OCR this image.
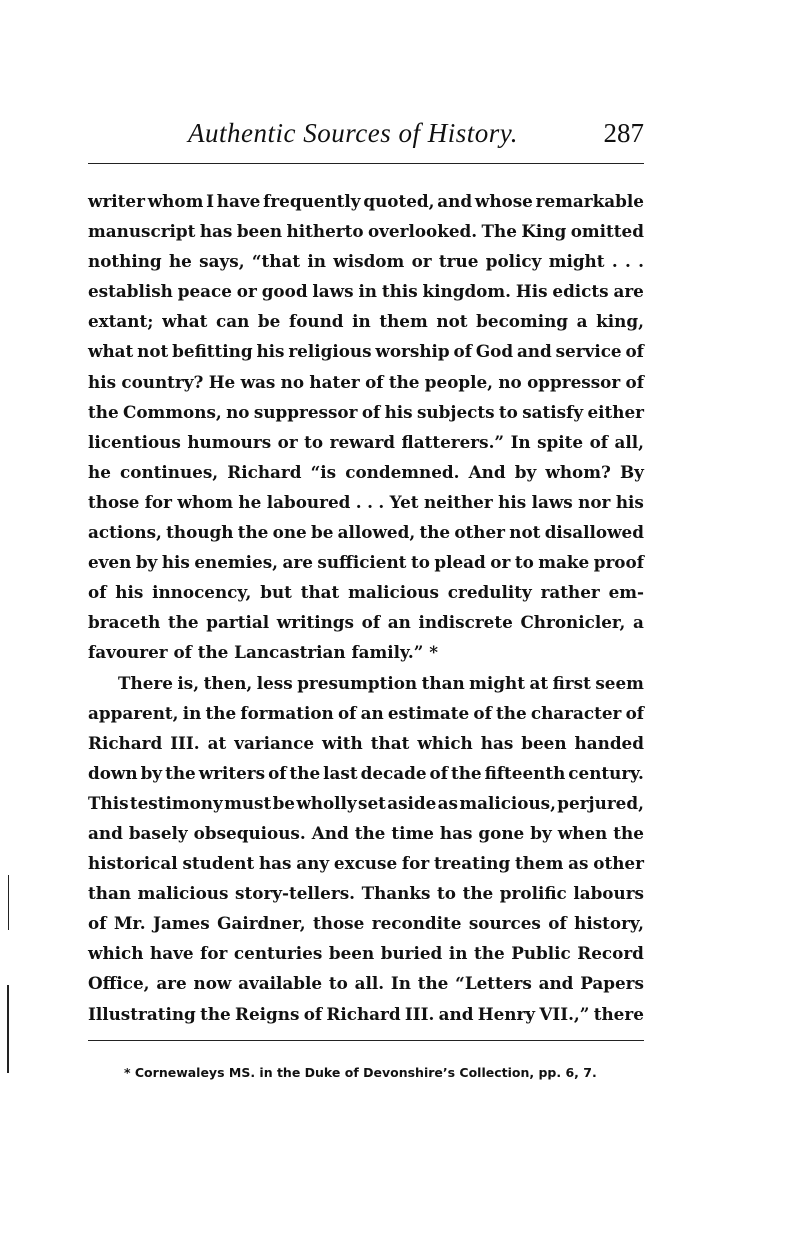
Authentic Sources of History.	287
writer whom I have frequently quoted, and whose remarkable
manuscript has been hitherto overlooked. The King omitted
nothing he says, “that in wisdom or true policy might . . .
establish peace or good laws in this kingdom. His edicts are
extant; what can be found in them not becoming a king,
what not befitting his religious worship of God and service of
his country? He was no hater of the people, no oppressor of
the Commons, no suppressor of his subjects to satisfy either
licentious humours or to reward flatterers.” In spite of all,
he continues, Richard “is condemned. And by whom? By
those for whom he laboured . . . Yet neither his laws nor his
actions, though the one be allowed, the other not disallowed
even by his enemies, are sufficient to plead or to make proof
of his innocency, but that malicious credulity rather em-
braceth the partial writings of an indiscrete Chronicler, a
favourer of the Lancastrian family.” *
There is, then, less presumption than might at first seem
apparent, in the formation of an estimate of the character of
Richard III. at variance with that which has been handed
down by the writers of the last decade of the fifteenth century.
This testimony must be wholly set aside as malicious, perjured,
and basely obsequious. And the time has gone by when the
historical student has any excuse for treating them as other
than malicious story-tellers. Thanks to the prolific labours
of Mr. James Gairdner, those recondite sources of history,
which have for centuries been buried in the Public Record
Office, are now available to all. In the “Letters and Papers
Illustrating the Reigns of Richard III. and Henry VII.,” there
* Cornewaleys MS. in the Duke of Devonshire’s Collection, pp. 6, 7.
